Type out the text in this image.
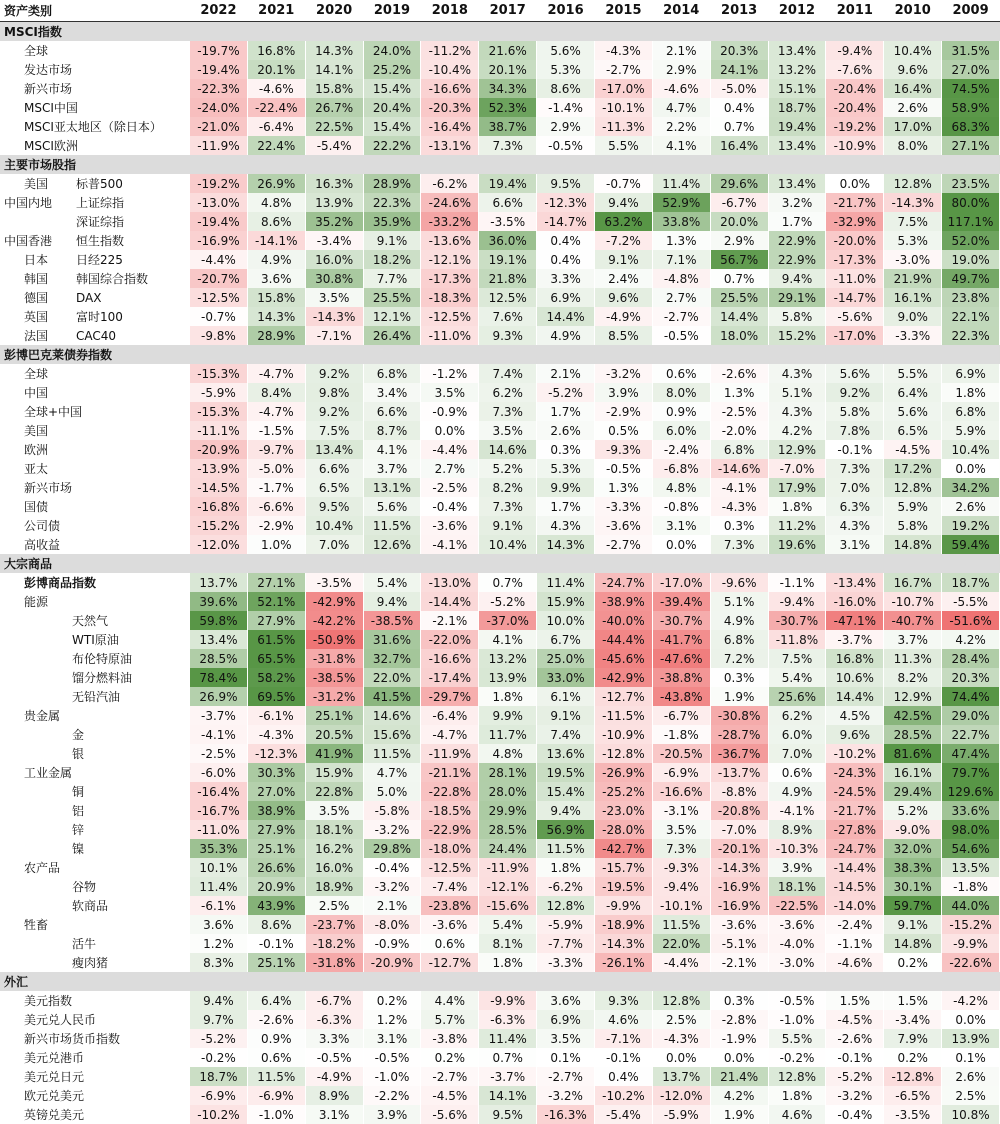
资产类别	2022	2021	2020	2019	2018	2017	2016	2015	2014	2013	2012	2011	2010	2009
MSCI指数
全球	-19.7%	16.8%	14.3%	24.0%	-11.2%	21.6%	5.6%	-4.3%	2.1%	20.3%	13.4%	-9.4%	10.4%	31.5%
发达市场	-19.4%	20.1%	14.1%	25.2%	-10.4%	20.1%	5.3%	-2.7%	2.9%	24.1%	13.2%	-7.6%	9.6%	27.0%
新兴市场	-22.3%	-4.6%	15.8%	15.4%	-16.6%	34.3%	8.6%	-17.0%	-4.6%	-5.0%	15.1%	-20.4%	16.4%	74.5%
MSCI中国	-24.0%	-22.4%	26.7%	20.4%	-20.3%	52.3%	-1.4%	-10.1%	4.7%	0.4%	18.7%	-20.4%	2.6%	58.9%
MSCI亚太地区（除日本）	-21.0%	-6.4%	22.5%	15.4%	-16.4%	38.7%	2.9%	-11.3%	2.2%	0.7%	19.4%	-19.2%	17.0%	68.3%
MSCI欧洲	-11.9%	22.4%	-5.4%	22.2%	-13.1%	7.3%	-0.5%	5.5%	4.1%	16.4%	13.4%	-10.9%	8.0%	27.1%
主要市场股指
美国	标普500	-19.2%	26.9%	16.3%	28.9%	-6.2%	19.4%	9.5%	-0.7%	11.4%	29.6%	13.4%	0.0%	12.8%	23.5%
中国内地	上证综指	-13.0%	4.8%	13.9%	22.3%	-24.6%	6.6%	-12.3%	9.4%	52.9%	-6.7%	3.2%	-21.7%	-14.3%	80.0%
深证综指	-19.4%	8.6%	35.2%	35.9%	-33.2%	-3.5%	-14.7%	63.2%	33.8%	20.0%	1.7%	-32.9%	7.5%	117.1%
中国香港	恒生指数	-16.9%	-14.1%	-3.4%	9.1%	-13.6%	36.0%	0.4%	-7.2%	1.3%	2.9%	22.9%	-20.0%	5.3%	52.0%
日本	日经225	-4.4%	4.9%	16.0%	18.2%	-12.1%	19.1%	0.4%	9.1%	7.1%	56.7%	22.9%	-17.3%	-3.0%	19.0%
韩国	韩国综合指数	-20.7%	3.6%	30.8%	7.7%	-17.3%	21.8%	3.3%	2.4%	-4.8%	0.7%	9.4%	-11.0%	21.9%	49.7%
德国	DAX	-12.5%	15.8%	3.5%	25.5%	-18.3%	12.5%	6.9%	9.6%	2.7%	25.5%	29.1%	-14.7%	16.1%	23.8%
英国	富时100	-0.7%	14.3%	-14.3%	12.1%	-12.5%	7.6%	14.4%	-4.9%	-2.7%	14.4%	5.8%	-5.6%	9.0%	22.1%
法国	CAC40	-9.8%	28.9%	-7.1%	26.4%	-11.0%	9.3%	4.9%	8.5%	-0.5%	18.0%	15.2%	-17.0%	-3.3%	22.3%
彭博巴克莱债券指数
全球	-15.3%	-4.7%	9.2%	6.8%	-1.2%	7.4%	2.1%	-3.2%	0.6%	-2.6%	4.3%	5.6%	5.5%	6.9%
中国	-5.9%	8.4%	9.8%	3.4%	3.5%	6.2%	-5.2%	3.9%	8.0%	1.3%	5.1%	9.2%	6.4%	1.8%
全球+中国	-15.3%	-4.7%	9.2%	6.6%	-0.9%	7.3%	1.7%	-2.9%	0.9%	-2.5%	4.3%	5.8%	5.6%	6.8%
美国	-11.1%	-1.5%	7.5%	8.7%	0.0%	3.5%	2.6%	0.5%	6.0%	-2.0%	4.2%	7.8%	6.5%	5.9%
欧洲	-20.9%	-9.7%	13.4%	4.1%	-4.4%	14.6%	0.3%	-9.3%	-2.4%	6.8%	12.9%	-0.1%	-4.5%	10.4%
亚太	-13.9%	-5.0%	6.6%	3.7%	2.7%	5.2%	5.3%	-0.5%	-6.8%	-14.6%	-7.0%	7.3%	17.2%	0.0%
新兴市场	-14.5%	-1.7%	6.5%	13.1%	-2.5%	8.2%	9.9%	1.3%	4.8%	-4.1%	17.9%	7.0%	12.8%	34.2%
国债	-16.8%	-6.6%	9.5%	5.6%	-0.4%	7.3%	1.7%	-3.3%	-0.8%	-4.3%	1.8%	6.3%	5.9%	2.6%
公司债	-15.2%	-2.9%	10.4%	11.5%	-3.6%	9.1%	4.3%	-3.6%	3.1%	0.3%	11.2%	4.3%	5.8%	19.2%
高收益	-12.0%	1.0%	7.0%	12.6%	-4.1%	10.4%	14.3%	-2.7%	0.0%	7.3%	19.6%	3.1%	14.8%	59.4%
大宗商品
彭博商品指数	13.7%	27.1%	-3.5%	5.4%	-13.0%	0.7%	11.4%	-24.7%	-17.0%	-9.6%	-1.1%	-13.4%	16.7%	18.7%
能源	39.6%	52.1%	-42.9%	9.4%	-14.4%	-5.2%	15.9%	-38.9%	-39.4%	5.1%	-9.4%	-16.0%	-10.7%	-5.5%
天然气	59.8%	27.9%	-42.2%	-38.5%	-2.1%	-37.0%	10.0%	-40.0%	-30.7%	4.9%	-30.7%	-47.1%	-40.7%	-51.6%
WTI原油	13.4%	61.5%	-50.9%	31.6%	-22.0%	4.1%	6.7%	-44.4%	-41.7%	6.8%	-11.8%	-3.7%	3.7%	4.2%
布伦特原油	28.5%	65.5%	-31.8%	32.7%	-16.6%	13.2%	25.0%	-45.6%	-47.6%	7.2%	7.5%	16.8%	11.3%	28.4%
馏分燃料油	78.4%	58.2%	-38.5%	22.0%	-17.4%	13.9%	33.0%	-42.9%	-38.8%	0.3%	5.4%	10.6%	8.2%	20.3%
无铅汽油	26.9%	69.5%	-31.2%	41.5%	-29.7%	1.8%	6.1%	-12.7%	-43.8%	1.9%	25.6%	14.4%	12.9%	74.4%
贵金属	-3.7%	-6.1%	25.1%	14.6%	-6.4%	9.9%	9.1%	-11.5%	-6.7%	-30.8%	6.2%	4.5%	42.5%	29.0%
金	-4.1%	-4.3%	20.5%	15.6%	-4.7%	11.7%	7.4%	-10.9%	-1.8%	-28.7%	6.0%	9.6%	28.5%	22.7%
银	-2.5%	-12.3%	41.9%	11.5%	-11.9%	4.8%	13.6%	-12.8%	-20.5%	-36.7%	7.0%	-10.2%	81.6%	47.4%
工业金属	-6.0%	30.3%	15.9%	4.7%	-21.1%	28.1%	19.5%	-26.9%	-6.9%	-13.7%	0.6%	-24.3%	16.1%	79.7%
铜	-16.4%	27.0%	22.8%	5.0%	-22.8%	28.0%	15.4%	-25.2%	-16.6%	-8.8%	4.9%	-24.5%	29.4%	129.6%
铝	-16.7%	38.9%	3.5%	-5.8%	-18.5%	29.9%	9.4%	-23.0%	-3.1%	-20.8%	-4.1%	-21.7%	5.2%	33.6%
锌	-11.0%	27.9%	18.1%	-3.2%	-22.9%	28.5%	56.9%	-28.0%	3.5%	-7.0%	8.9%	-27.8%	-9.0%	98.0%
镍	35.3%	25.1%	16.2%	29.8%	-18.0%	24.4%	11.5%	-42.7%	7.3%	-20.1%	-10.3%	-24.7%	32.0%	54.6%
农产品	10.1%	26.6%	16.0%	-0.4%	-12.5%	-11.9%	1.8%	-15.7%	-9.3%	-14.3%	3.9%	-14.4%	38.3%	13.5%
谷物	11.4%	20.9%	18.9%	-3.2%	-7.4%	-12.1%	-6.2%	-19.5%	-9.4%	-16.9%	18.1%	-14.5%	30.1%	-1.8%
软商品	-6.1%	43.9%	2.5%	2.1%	-23.8%	-15.6%	12.8%	-9.9%	-10.1%	-16.9%	-22.5%	-14.0%	59.7%	44.0%
牲畜	3.6%	8.6%	-23.7%	-8.0%	-3.6%	5.4%	-5.9%	-18.9%	11.5%	-3.6%	-3.6%	-2.4%	9.1%	-15.2%
活牛	1.2%	-0.1%	-18.2%	-0.9%	0.6%	8.1%	-7.7%	-14.3%	22.0%	-5.1%	-4.0%	-1.1%	14.8%	-9.9%
瘦肉猪	8.3%	25.1%	-31.8%	-20.9%	-12.7%	1.8%	-3.3%	-26.1%	-4.4%	-2.1%	-3.0%	-4.6%	0.2%	-22.6%
外汇
美元指数	9.4%	6.4%	-6.7%	0.2%	4.4%	-9.9%	3.6%	9.3%	12.8%	0.3%	-0.5%	1.5%	1.5%	-4.2%
美元兑人民币	9.7%	-2.6%	-6.3%	1.2%	5.7%	-6.3%	6.9%	4.6%	2.5%	-2.8%	-1.0%	-4.5%	-3.4%	0.0%
新兴市场货币指数	-5.2%	0.9%	3.3%	3.1%	-3.8%	11.4%	3.5%	-7.1%	-4.3%	-1.9%	5.5%	-2.6%	7.9%	13.9%
美元兑港币	-0.2%	0.6%	-0.5%	-0.5%	0.2%	0.7%	0.1%	-0.1%	0.0%	0.0%	-0.2%	-0.1%	0.2%	0.1%
美元兑日元	18.7%	11.5%	-4.9%	-1.0%	-2.7%	-3.7%	-2.7%	0.4%	13.7%	21.4%	12.8%	-5.2%	-12.8%	2.6%
欧元兑美元	-6.9%	-6.9%	8.9%	-2.2%	-4.5%	14.1%	-3.2%	-10.2%	-12.0%	4.2%	1.8%	-3.2%	-6.5%	2.5%
英镑兑美元	-10.2%	-1.0%	3.1%	3.9%	-5.6%	9.5%	-16.3%	-5.4%	-5.9%	1.9%	4.6%	-0.4%	-3.5%	10.8%
